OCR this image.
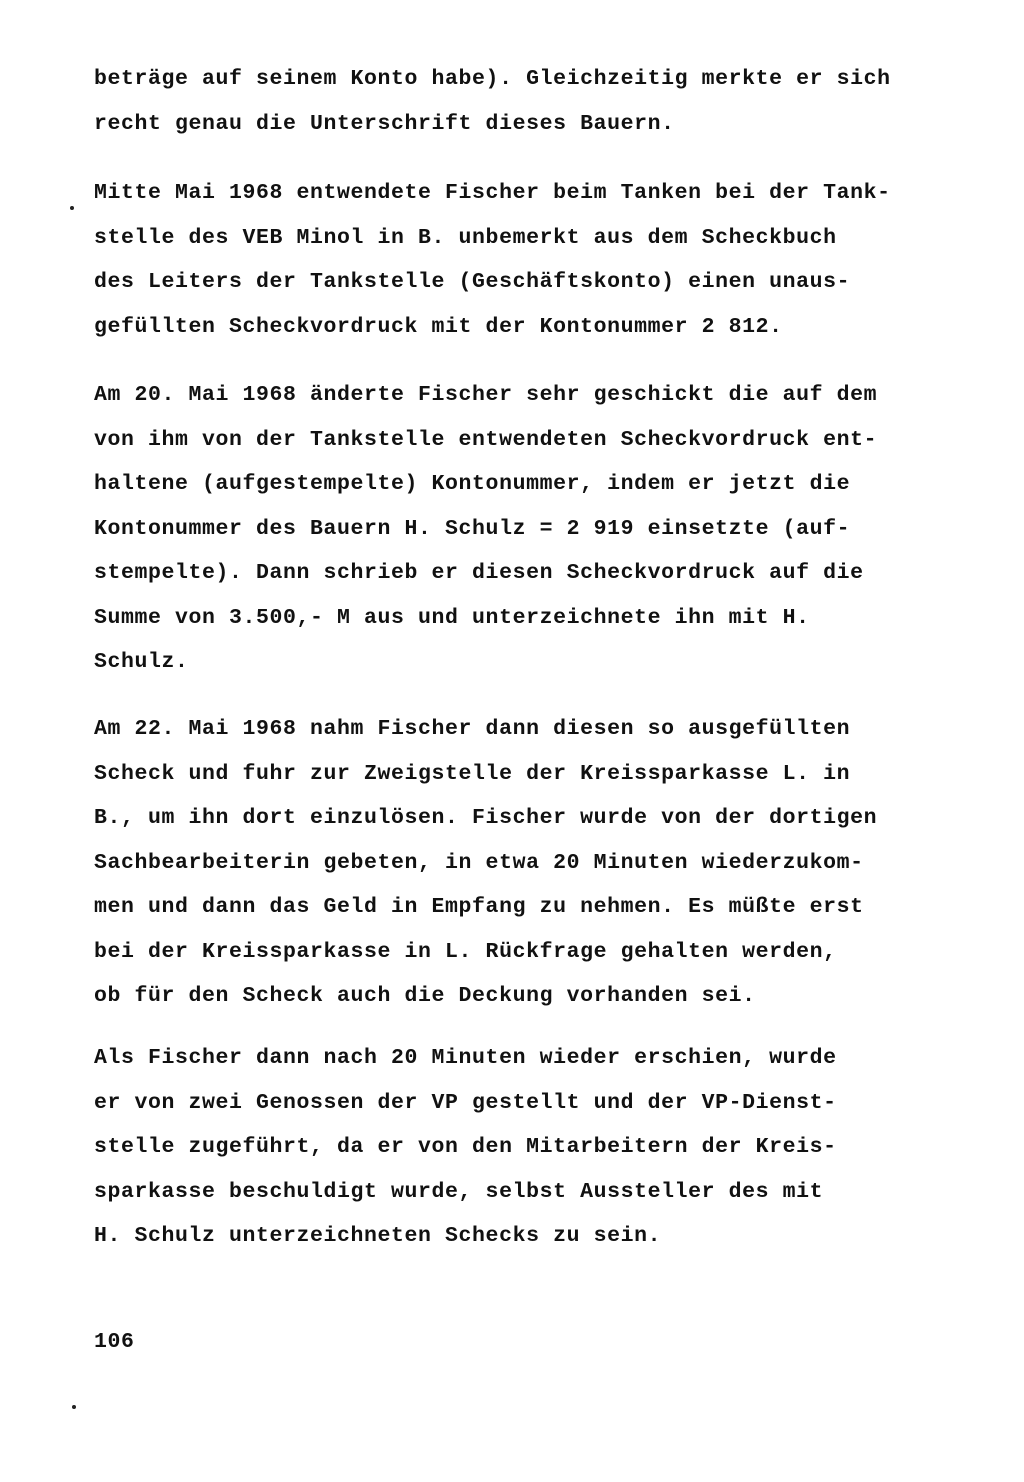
beträge auf seinem Konto habe). Gleichzeitig merkte er sich
recht genau die Unterschrift dieses Bauern.

Mitte Mai 1968 entwendete Fischer beim Tanken bei der Tank-
stelle des VEB Minol in B. unbemerkt aus dem Scheckbuch
des Leiters der Tankstelle (Geschäftskonto) einen unaus-
gefüllten Scheckvordruck mit der Kontonummer 2 812.

Am 20. Mai 1968 änderte Fischer sehr geschickt die auf dem
von ihm von der Tankstelle entwendeten Scheckvordruck ent-
haltene (aufgestempelte) Kontonummer, indem er jetzt die
Kontonummer des Bauern H. Schulz = 2 919 einsetzte (auf-
stempelte). Dann schrieb er diesen Scheckvordruck auf die
Summe von 3.500,- M aus und unterzeichnete ihn mit H.
Schulz.

Am 22. Mai 1968 nahm Fischer dann diesen so ausgefüllten
Scheck und fuhr zur Zweigstelle der Kreissparkasse L. in
B., um ihn dort einzulösen. Fischer wurde von der dortigen
Sachbearbeiterin gebeten, in etwa 20 Minuten wiederzukom-
men und dann das Geld in Empfang zu nehmen. Es müßte erst
bei der Kreissparkasse in L. Rückfrage gehalten werden,
ob für den Scheck auch die Deckung vorhanden sei.

Als Fischer dann nach 20 Minuten wieder erschien, wurde
er von zwei Genossen der VP gestellt und der VP-Dienst-
stelle zugeführt, da er von den Mitarbeitern der Kreis-
sparkasse beschuldigt wurde, selbst Aussteller des mit
H. Schulz unterzeichneten Schecks zu sein.

106
